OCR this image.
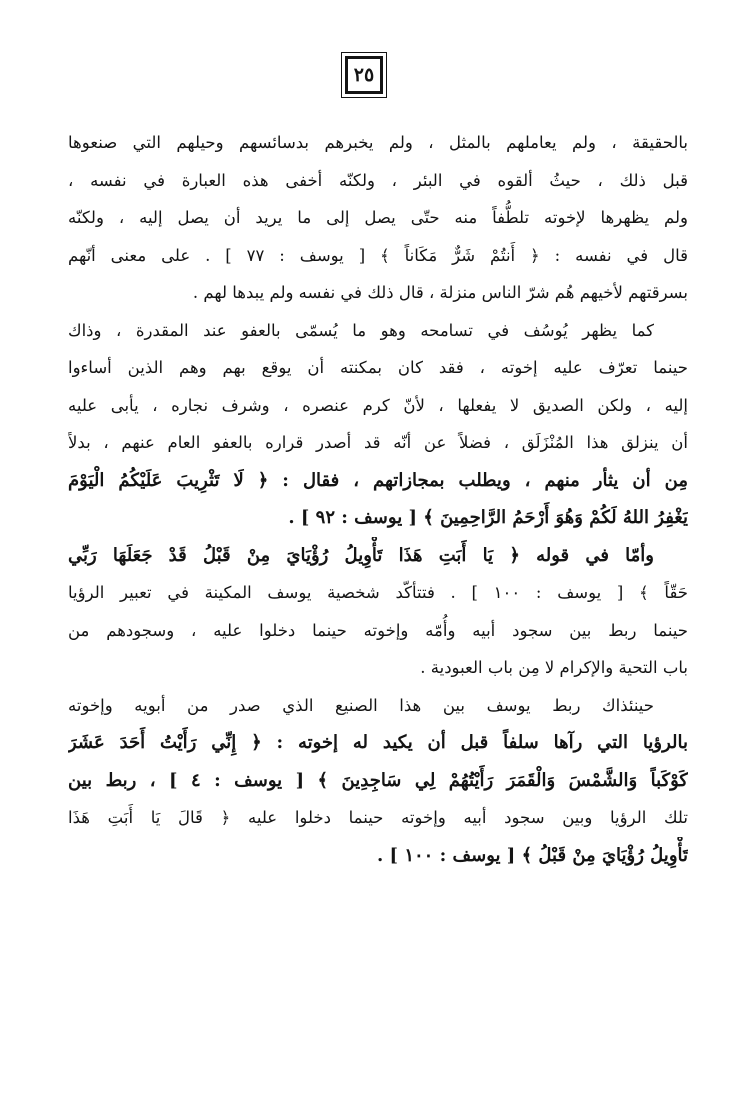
٢٥
بالحقيقة ، ولم يعاملهم بالمثل ، ولم يخبرهم بدسائسهم وحيلهم التي صنعوها
قبل ذلك ، حيثُ ألقوه في البئر ، ولكنّه أخفى هذه العبارة في نفسه ،
ولم يظهرها لإخوته تلطُّفاً منه حتّى يصل إلى ما يريد أن يصل إليه ، ولكنّه
قال في نفسه : ﴿ أَنتُمْ شَرٌّ مَكَاناً ﴾ [ يوسف : ٧٧ ] . على معنى أنّهم
بسرقتهم لأخيهم هُم شرّ الناس منزلة ، قال ذلك في نفسه ولم يبدها لهم .
كما يظهر يُوسُف في تسامحه وهو ما يُسمّى بالعفو عند المقدرة ، وذاك
حينما تعرّف عليه إخوته ، فقد كان بمكنته أن يوقع بهم وهم الذين أساءوا
إليه ، ولكن الصديق لا يفعلها ، لأنّ كرم عنصره ، وشرف نجاره ، يأبى عليه
أن ينزلق هذا المُنْزَلَق ، فضلاً عن أنّه قد أصدر قراره بالعفو العام عنهم ، بدلاً
مِن أن يثأر منهم ، ويطلب بمجازاتهم ، فقال : ﴿ لَا تَثْرِيبَ عَلَيْكُمُ الْيَوْمَ
يَغْفِرُ اللهُ لَكُمْ وَهُوَ أَرْحَمُ الرَّاحِمِينَ ﴾ [ يوسف : ٩٢ ] .
وأمّا في قوله ﴿ يَا أَبَتِ هَذَا تَأْوِيلُ رُؤْيَايَ مِنْ قَبْلُ قَدْ جَعَلَهَا رَبِّي
حَقّاً ﴾ [ يوسف : ١٠٠ ] . فتتأكّد شخصية يوسف المكينة في تعبير الرؤيا
حينما ربط بين سجود أبيه وأُمّه وإخوته حينما دخلوا عليه ، وسجودهم من
باب التحية والإكرام لا مِن باب العبودية .
حينئذاك ربط يوسف بين هذا الصنيع الذي صدر من أبويه وإخوته
بالرؤيا التي رآها سلفاً قبل أن يكيد له إخوته : ﴿ إِنِّي رَأَيْتُ أَحَدَ عَشَرَ
كَوْكَباً وَالشَّمْسَ وَالْقَمَرَ رَأَيْتُهُمْ لِي سَاجِدِينَ ﴾ [ يوسف : ٤ ] ، ربط بين
تلك الرؤيا وبين سجود أبيه وإخوته حينما دخلوا عليه ﴿ قَالَ يَا أَبَتِ هَذَا
تَأْوِيلُ رُؤْيَايَ مِنْ قَبْلُ ﴾ [ يوسف : ١٠٠ ] .
